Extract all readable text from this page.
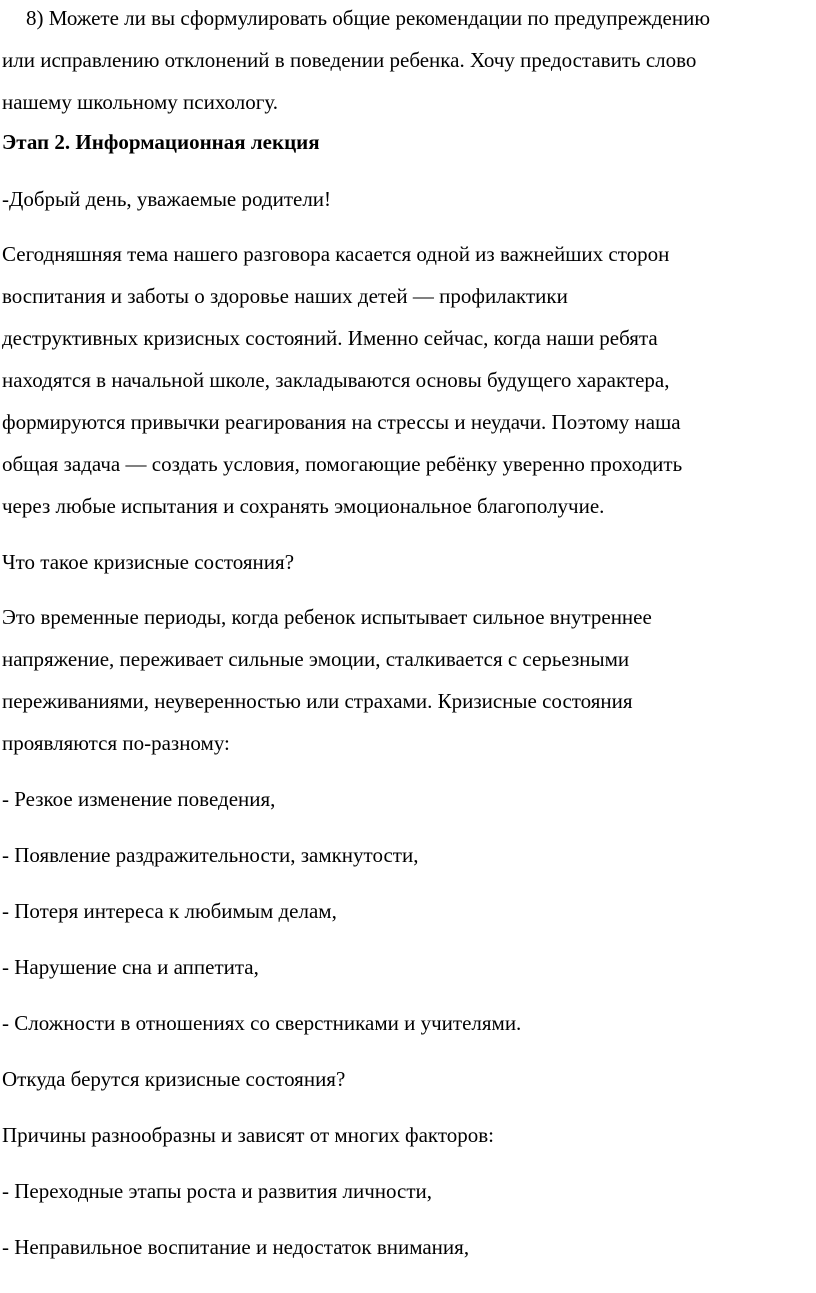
8) Можете ли вы сформулировать общие рекомендации по предупреждению

или исправлению отклонений в поведении ребенка. Хочу предоставить слово

нашему школьному психологу.

Этап 2. Информационная лекция

-Добрый день, уважаемые родители!

Сегодняшняя тема нашего разговора касается одной из важнейших сторон

воспитания и заботы о здоровье наших детей — профилактики

деструктивных кризисных состояний. Именно сейчас, когда наши ребята

находятся в начальной школе, закладываются основы будущего характера,

формируются привычки реагирования на стрессы и неудачи. Поэтому наша

общая задача — создать условия, помогающие ребёнку уверенно проходить

через любые испытания и сохранять эмоциональное благополучие.

Что такое кризисные состояния?

Это временные периоды, когда ребенок испытывает сильное внутреннее

напряжение, переживает сильные эмоции, сталкивается с серьезными

переживаниями, неуверенностью или страхами. Кризисные состояния

проявляются по-разному:

- Резкое изменение поведения,

- Появление раздражительности, замкнутости,

- Потеря интереса к любимым делам,

- Нарушение сна и аппетита,

- Сложности в отношениях со сверстниками и учителями.

Откуда берутся кризисные состояния?

Причины разнообразны и зависят от многих факторов:

- Переходные этапы роста и развития личности,

- Неправильное воспитание и недостаток внимания,
